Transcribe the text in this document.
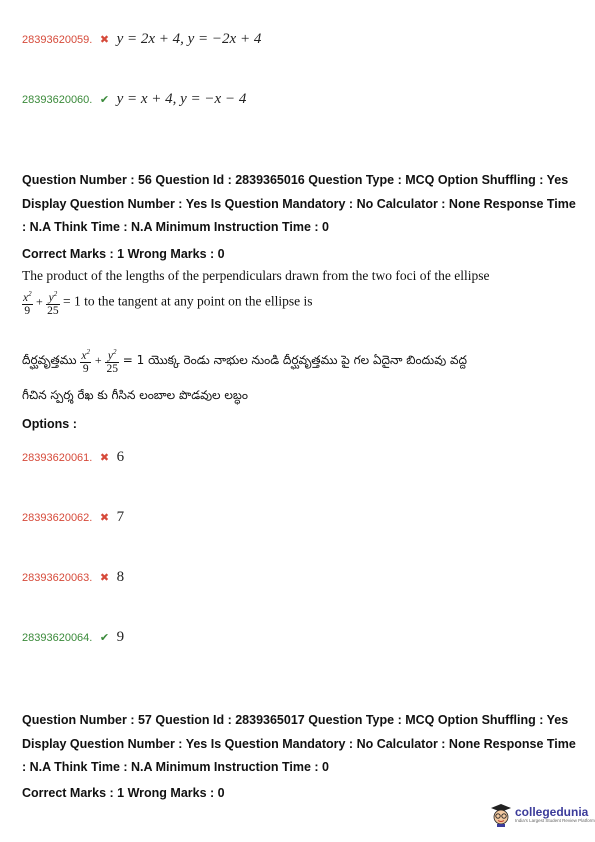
28393620059. ✖ y = 2x + 4, y = −2x + 4
28393620060. ✔ y = x + 4, y = −x − 4
Question Number : 56 Question Id : 2839365016 Question Type : MCQ Option Shuffling : Yes
Display Question Number : Yes Is Question Mandatory : No Calculator : None Response Time
: N.A Think Time : N.A Minimum Instruction Time : 0
Correct Marks : 1 Wrong Marks : 0
The product of the lengths of the perpendiculars drawn from the two foci of the ellipse
$\frac{x^2}{9} + \frac{y^2}{25} = 1$ to the tangent at any point on the ellipse is
దీర్ఘవృత్తము $\frac{x^2}{9} + \frac{y^2}{25} = 1$ యొక్క రెండు నాభుల నుండి దీర్ఘవృత్తము పై గల ఏదైనా బిందువు వద్ద
గీచిన స్పర్శ రేఖ కు గీసిన లంబాల పొడవుల లబ్ధం
Options :
28393620061. ✖ 6
28393620062. ✖ 7
28393620063. ✖ 8
28393620064. ✔ 9
Question Number : 57 Question Id : 2839365017 Question Type : MCQ Option Shuffling : Yes
Display Question Number : Yes Is Question Mandatory : No Calculator : None Response Time
: N.A Think Time : N.A Minimum Instruction Time : 0
Correct Marks : 1 Wrong Marks : 0
collegedunia
India's Largest Student Review Platform
